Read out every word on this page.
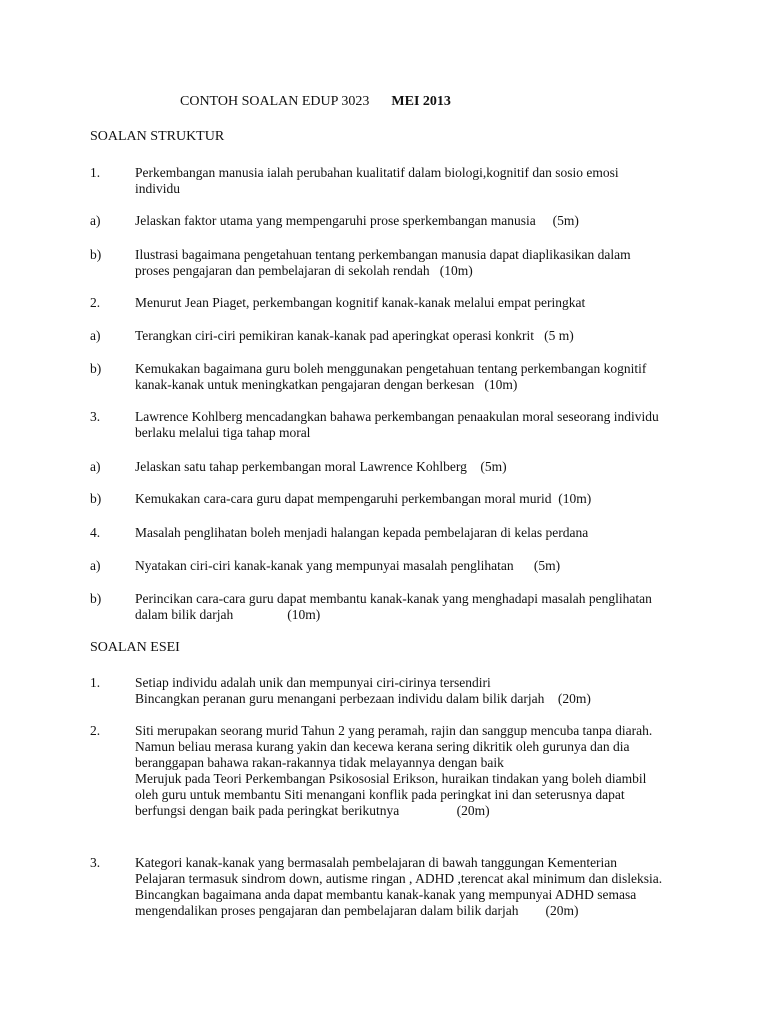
CONTOH SOALAN EDUP 3023 MEI 2013
SOALAN STRUKTUR
1.	Perkembangan manusia ialah perubahan kualitatif dalam biologi,kognitif dan sosio emosi
individu
a)	Jelaskan faktor utama yang mempengaruhi prose sperkembangan manusia     (5m)
b)	Ilustrasi bagaimana pengetahuan tentang perkembangan manusia dapat diaplikasikan dalam
proses pengajaran dan pembelajaran di sekolah rendah   (10m)
2.	Menurut Jean Piaget, perkembangan kognitif kanak-kanak melalui empat peringkat
a)	Terangkan ciri-ciri pemikiran kanak-kanak pad aperingkat operasi konkrit   (5 m)
b)	Kemukakan bagaimana guru boleh menggunakan pengetahuan tentang perkembangan kognitif
kanak-kanak untuk meningkatkan pengajaran dengan berkesan   (10m)
3.	Lawrence Kohlberg mencadangkan bahawa perkembangan penaakulan moral seseorang individu
berlaku melalui tiga tahap moral
a)	Jelaskan satu tahap perkembangan moral Lawrence Kohlberg    (5m)
b)	Kemukakan cara-cara guru dapat mempengaruhi perkembangan moral murid  (10m)
4.	Masalah penglihatan boleh menjadi halangan kepada pembelajaran di kelas perdana
a)	Nyatakan ciri-ciri kanak-kanak yang mempunyai masalah penglihatan      (5m)
b)	Perincikan cara-cara guru dapat membantu kanak-kanak yang menghadapi masalah penglihatan
dalam bilik darjah                (10m)
SOALAN ESEI
1.	Setiap individu adalah unik dan mempunyai ciri-cirinya tersendiri
Bincangkan peranan guru menangani perbezaan individu dalam bilik darjah    (20m)
2.	Siti merupakan seorang murid Tahun 2 yang peramah, rajin dan sanggup mencuba tanpa diarah.
Namun beliau merasa kurang yakin dan kecewa kerana sering dikritik oleh gurunya dan dia
beranggapan bahawa rakan-rakannya tidak melayannya dengan baik
Merujuk pada Teori Perkembangan Psikososial Erikson, huraikan tindakan yang boleh diambil
oleh guru untuk membantu Siti menangani konflik pada peringkat ini dan seterusnya dapat
berfungsi dengan baik pada peringkat berikutnya                 (20m)
3.	Kategori kanak-kanak yang bermasalah pembelajaran di bawah tanggungan Kementerian
Pelajaran termasuk sindrom down, autisme ringan , ADHD ,terencat akal minimum dan disleksia.
Bincangkan bagaimana anda dapat membantu kanak-kanak yang mempunyai ADHD semasa
mengendalikan proses pengajaran dan pembelajaran dalam bilik darjah        (20m)
